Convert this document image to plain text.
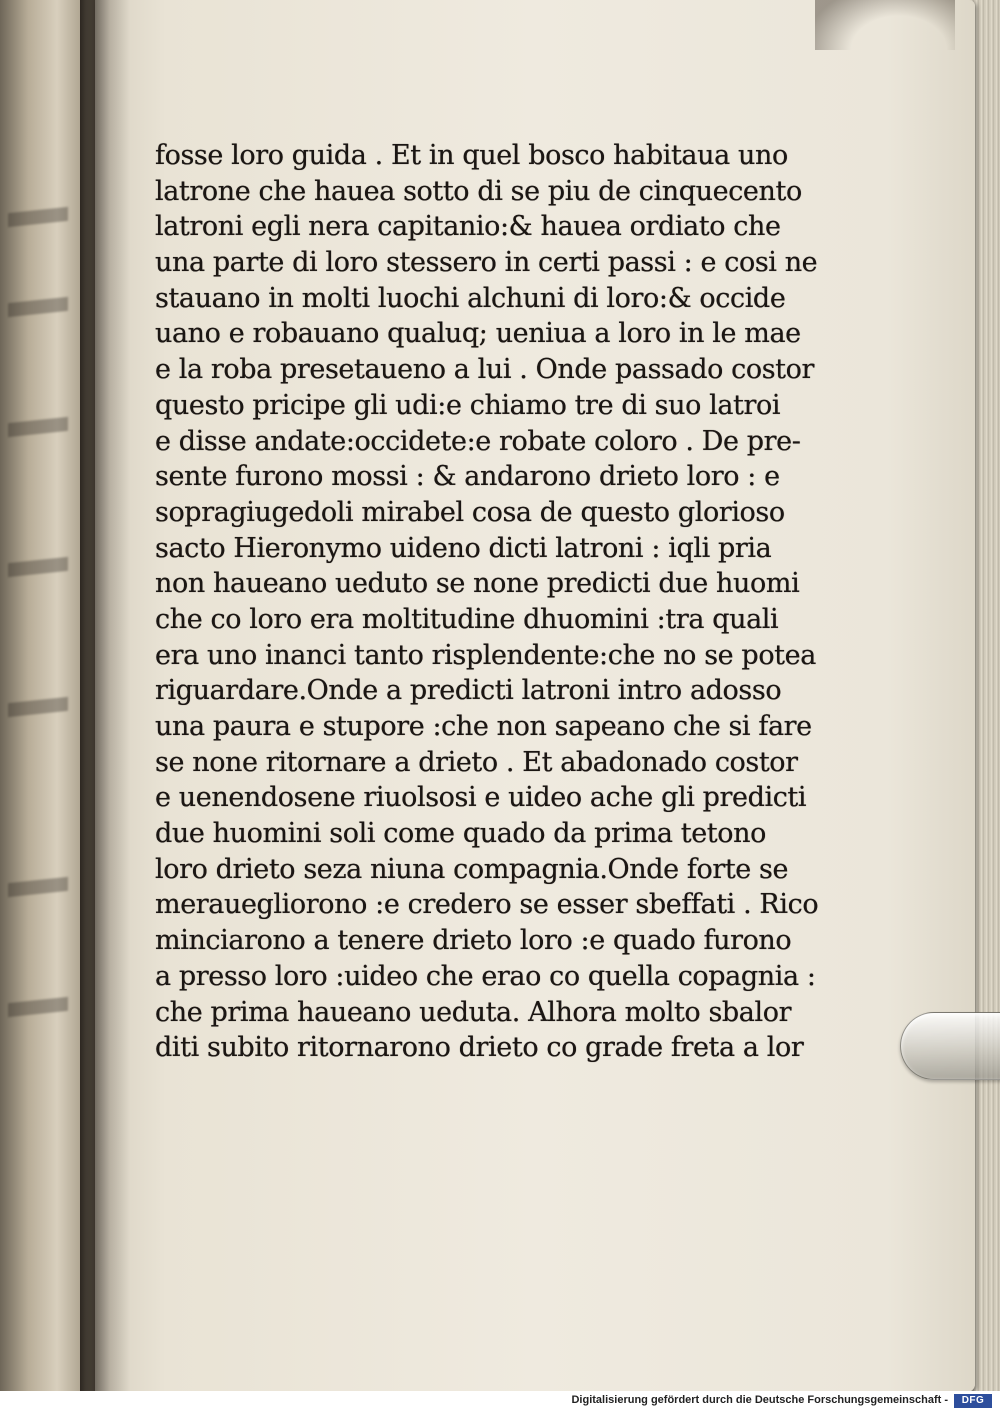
fosse loro guida . Et in quel bosco habitaua uno
latrone che hauea sotto di se piu de cinquecento
latroni egli nera capitanio:& hauea ordiato che
una parte di loro stessero in certi passi : e cosi ne
stauano in molti luochi alchuni di loro:& occide
uano e robauano qualuq; ueniua a loro in le mae
e la roba presetaueno a lui . Onde passado costor
questo pricipe gli udi:e chiamo tre di suo latroi
e disse andate:occidete:e robate coloro . De pre-
sente furono mossi : & andarono drieto loro : e
sopragiugedoli mirabel cosa de questo glorioso
sacto Hieronymo uideno dicti latroni : iqli pria
non haueano ueduto se none predicti due huomi
che co loro era moltitudine dhuomini :tra quali
era uno inanci tanto risplendente:che no se potea
riguardare.Onde a predicti latroni intro adosso
una paura e stupore :che non sapeano che si fare
se none ritornare a drieto . Et abadonado costor
e uenendosene riuolsosi e uideo ache gli predicti
due huomini soli come quado da prima tetono
loro drieto seza niuna compagnia.Onde forte se
merauegliorono :e credero se esser sbeffati . Rico
minciarono a tenere drieto loro :e quado furono
a presso loro :uideo che erao co quella copagnia :
che prima haueano ueduta. Alhora molto sbalor
diti subito ritornarono drieto co grade freta a lor
Digitalisierung gefördert durch die Deutsche Forschungsgemeinschaft -	DFG
